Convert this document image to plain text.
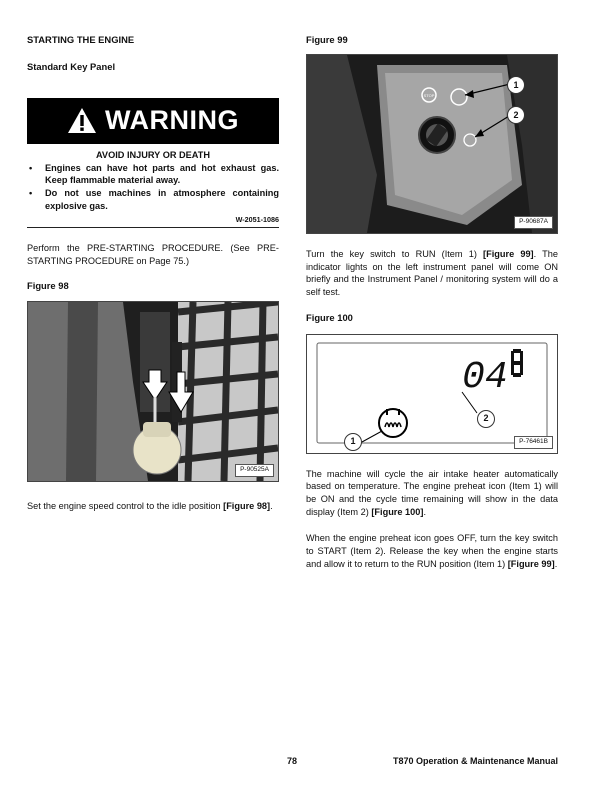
STARTING THE ENGINE
Standard Key Panel
WARNING
AVOID INJURY OR DEATH
• Engines can have hot parts and hot exhaust gas. Keep flammable material away.
• Do not use machines in atmosphere containing explosive gas.
W-2051-1086

Perform the PRE-STARTING PROCEDURE. (See PRE-STARTING PROCEDURE on Page 75.)

Figure 98
P-90525A

Set the engine speed control to the idle position [Figure 98].

Figure 99
STOP
1
2
P-90687A

Turn the key switch to RUN (Item 1) [Figure 99]. The indicator lights on the left instrument panel will come ON briefly and the Instrument Panel / monitoring system will do a self test.

Figure 100
04
1
2
P-76461B

The machine will cycle the air intake heater automatically based on temperature. The engine preheat icon (Item 1) will be ON and the cycle time remaining will show in the data display (Item 2) [Figure 100].

When the engine preheat icon goes OFF, turn the key switch to START (Item 2). Release the key when the engine starts and allow it to return to the RUN position (Item 1) [Figure 99].

78	T870 Operation & Maintenance Manual
